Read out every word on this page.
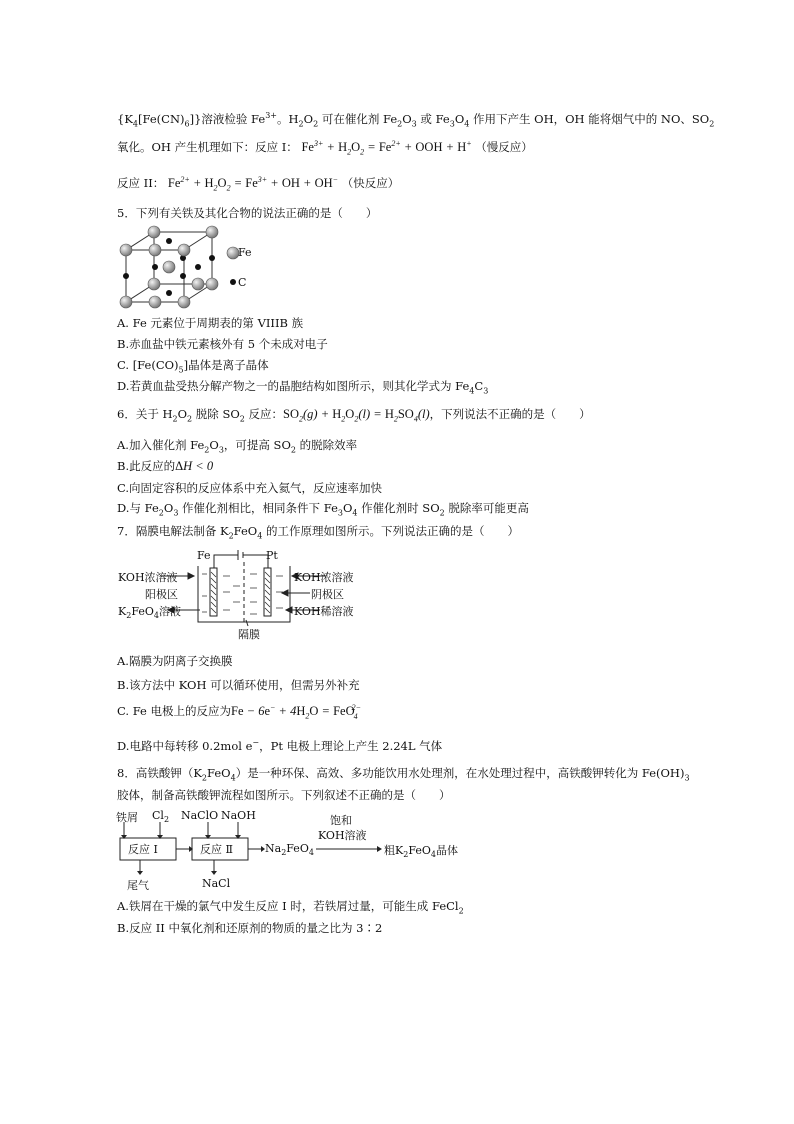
$\{K_4[Fe(CN)_6]\}$溶液检验 $Fe^{3+}$。$H_2O_2$ 可在催化剂 $Fe_2O_3$ 或 $Fe_3O_4$ 作用下产生 OH，OH 能将烟气中的 NO、$SO_2$
氧化。OH 产生机理如下：反应 I： $Fe^{3+} + H_2O_2 = Fe^{2+}$ + OOH + H+ （慢反应）
反应 II： $Fe^{2+} + H_2O_2 = Fe^{3+}$ + OH + OH− （快反应）
5．下列有关铁及其化合物的说法正确的是（　　）
Fe
C
A. Fe 元素位于周期表的第 VIIIB 族
B.赤血盐中铁元素核外有 5 个未成对电子
C. $[Fe(CO)_5]$晶体是离子晶体
D.若黄血盐受热分解产物之一的晶胞结构如图所示，则其化学式为 $Fe_4C_3$
6．关于 $H_2O_2$ 脱除 $SO_2$ 反应：$SO_2(g) + H_2O_2(l) = H_2SO_4(l)$，下列说法不正确的是（　　）
A.加入催化剂 $Fe_2O_3$，可提高 $SO_2$ 的脱除效率
B.此反应的ΔH < 0
C.向固定容积的反应体系中充入氦气，反应速率加快
D.与 $Fe_2O_3$ 作催化剂相比，相同条件下 $Fe_3O_4$ 作催化剂时 $SO_2$ 脱除率可能更高
7．隔膜电解法制备 $K_2FeO_4$ 的工作原理如图所示。下列说法正确的是（　　）
Fe	Pt
KOH浓溶液
阳极区
$K_2FeO_4$溶液
KOH浓溶液
阴极区
KOH稀溶液
隔膜
A.隔膜为阴离子交换膜
B.该方法中 KOH 可以循环使用，但需另外补充
C. Fe 电极上的反应为$Fe - 6e^- + 4H_2O = FeO_4^{2-}$
D.电路中每转移 0.2mol e−，Pt 电极上理论上产生 2.24L 气体
8．高铁酸钾$(K_2FeO_4)$是一种环保、高效、多功能饮用水处理剂，在水处理过程中，高铁酸钾转化为 $Fe(OH)_3$
胶体，制备高铁酸钾流程如图所示。下列叙述不正确的是（　　）
铁屑 $Cl_2$ NaClO NaOH
反应 I	反应 Ⅱ	$Na_2FeO_4$
饱和
KOH溶液
粗$K_2FeO_4$晶体
尾气	NaCl
A.铁屑在干燥的氯气中发生反应 I 时，若铁屑过量，可能生成 FeCl$_2$
B.反应 II 中氧化剂和还原剂的物质的量之比为 3∶2
